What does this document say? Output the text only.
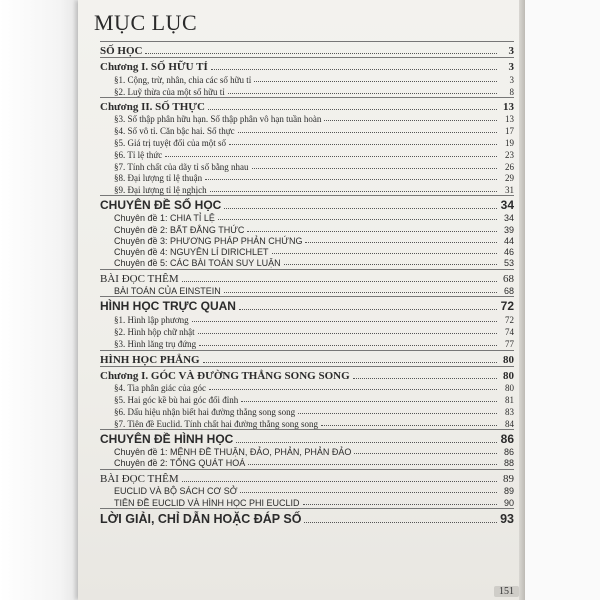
MỤC LỤC
SỐ HỌC	3
Chương I. SỐ HỮU TỈ	3
§1. Cộng, trừ, nhân, chia các số hữu tỉ	3
§2. Luỹ thừa của một số hữu tỉ	8
Chương II. SỐ THỰC	13
§3. Số thập phân hữu hạn. Số thập phân vô hạn tuần hoàn	13
§4. Số vô tỉ. Căn bậc hai. Số thực	17
§5. Giá trị tuyệt đối của một số	19
§6. Tỉ lệ thức	23
§7. Tính chất của dãy tỉ số bằng nhau	26
§8. Đại lượng tỉ lệ thuận	29
§9. Đại lượng tỉ lệ nghịch	31
CHUYÊN ĐỀ SỐ HỌC	34
Chuyên đề 1: CHIA TỈ LỆ	34
Chuyên đề 2: BẤT ĐẲNG THỨC	39
Chuyên đề 3: PHƯƠNG PHÁP PHẢN CHỨNG	44
Chuyên đề 4: NGUYÊN LÍ DIRICHLET	46
Chuyên đề 5: CÁC BÀI TOÁN SUY LUẬN	53
BÀI ĐỌC THÊM	68
BÀI TOÁN CỦA EINSTEIN	68
HÌNH HỌC TRỰC QUAN	72
§1. Hình lập phương	72
§2. Hình hộp chữ nhật	74
§3. Hình lăng trụ đứng	77
HÌNH HỌC PHẲNG	80
Chương I. GÓC VÀ ĐƯỜNG THẲNG SONG SONG	80
§4. Tia phân giác của góc	80
§5. Hai góc kề bù hai góc đối đỉnh	81
§6. Dấu hiệu nhận biết hai đường thẳng song song	83
§7. Tiên đề Euclid. Tính chất hai đường thẳng song song	84
CHUYÊN ĐỀ HÌNH HỌC	86
Chuyên đề 1: MỆNH ĐỀ THUẬN, ĐẢO, PHẢN, PHẢN ĐẢO	86
Chuyên đề 2: TỔNG QUÁT HOÁ	88
BÀI ĐỌC THÊM	89
EUCLID VÀ BỘ SÁCH CƠ SỞ	89
TIÊN ĐỀ EUCLID VÀ HÌNH HỌC PHI EUCLID	90
LỜI GIẢI, CHỈ DẪN HOẶC ĐÁP SỐ	93
151
